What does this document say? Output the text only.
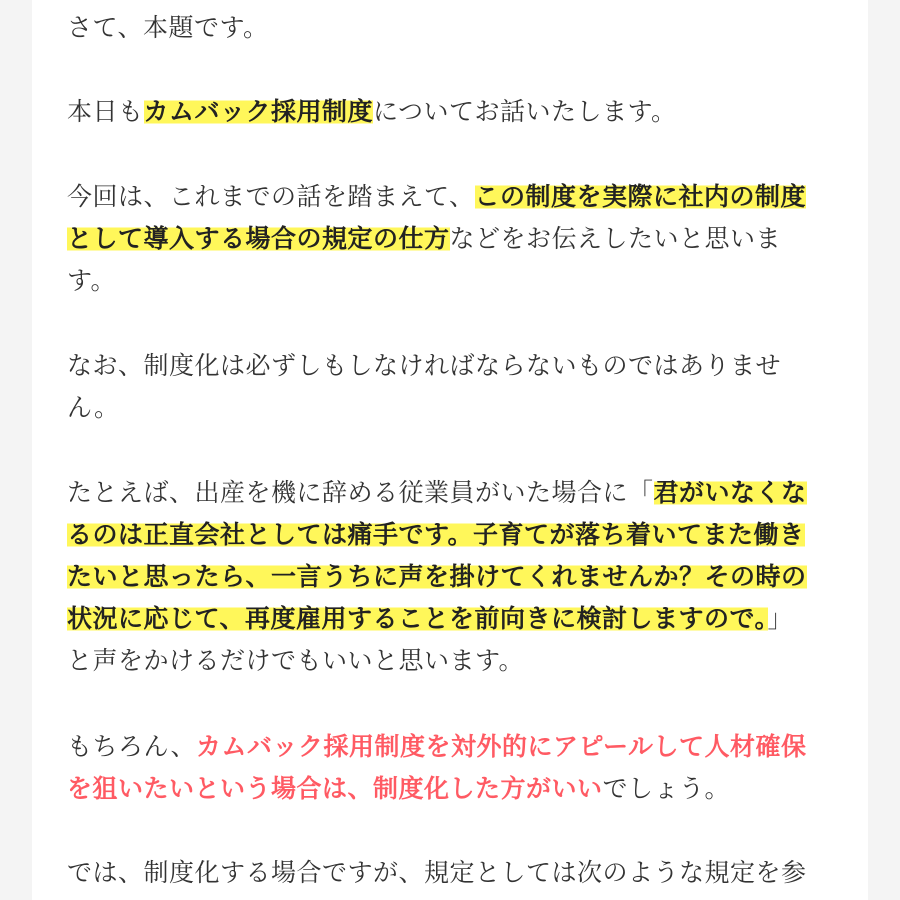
さて、本題です。

本日もカムバック採用制度についてお話いたします。

今回は、これまでの話を踏まえて、この制度を実際に社内の制度
として導入する場合の規定の仕方などをお伝えしたいと思いま
す。

なお、制度化は必ずしもしなければならないものではありませ
ん。

たとえば、出産を機に辞める従業員がいた場合に「君がいなくな
るのは正直会社としては痛手です。子育てが落ち着いてまた働き
たいと思ったら、一言うちに声を掛けてくれませんか？その時の
状況に応じて、再度雇用することを前向きに検討しますので。」
と声をかけるだけでもいいと思います。

もちろん、カムバック採用制度を対外的にアピールして人材確保
を狙いたいという場合は、制度化した方がいいでしょう。

では、制度化する場合ですが、規定としては次のような規定を参
